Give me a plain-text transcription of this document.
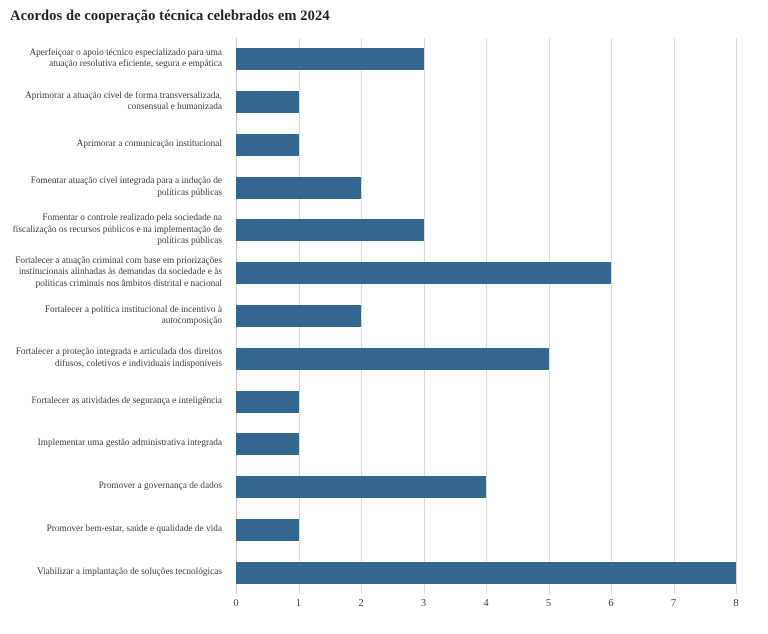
Acordos de cooperação técnica celebrados em 2024
Aperfeiçoar o apoio técnico especializado para uma atuação resolutiva eficiente, segura e empática
Aprimorar a atuação cível de forma transversalizada, consensual e humanizada
Aprimorar a comunicação institucional
Fomentar atuação cível integrada para a indução de políticas públicas
Fomentar o controle realizado pela sociedade na fiscalização os recursos públicos e na implementação de políticas públicas
Fortalecer a atuação criminal com base em priorizações institucionais alinhadas às demandas da sociedade e às políticas criminais nos âmbitos distrital e nacional
Fortalecer a política institucional de incentivo à autocomposição
Fortalecer a proteção integrada e articulada dos direitos difusos, coletivos e individuais indisponíveis
Fortalecer as atividades de segurança e inteligência
Implementar uma gestão administrativa integrada
Promover a governança de dados
Promover bem-estar, saúde e qualidade de vida
Viabilizar a implantação de soluções tecnológicas
0	1	2	3	4	5	6	7	8
